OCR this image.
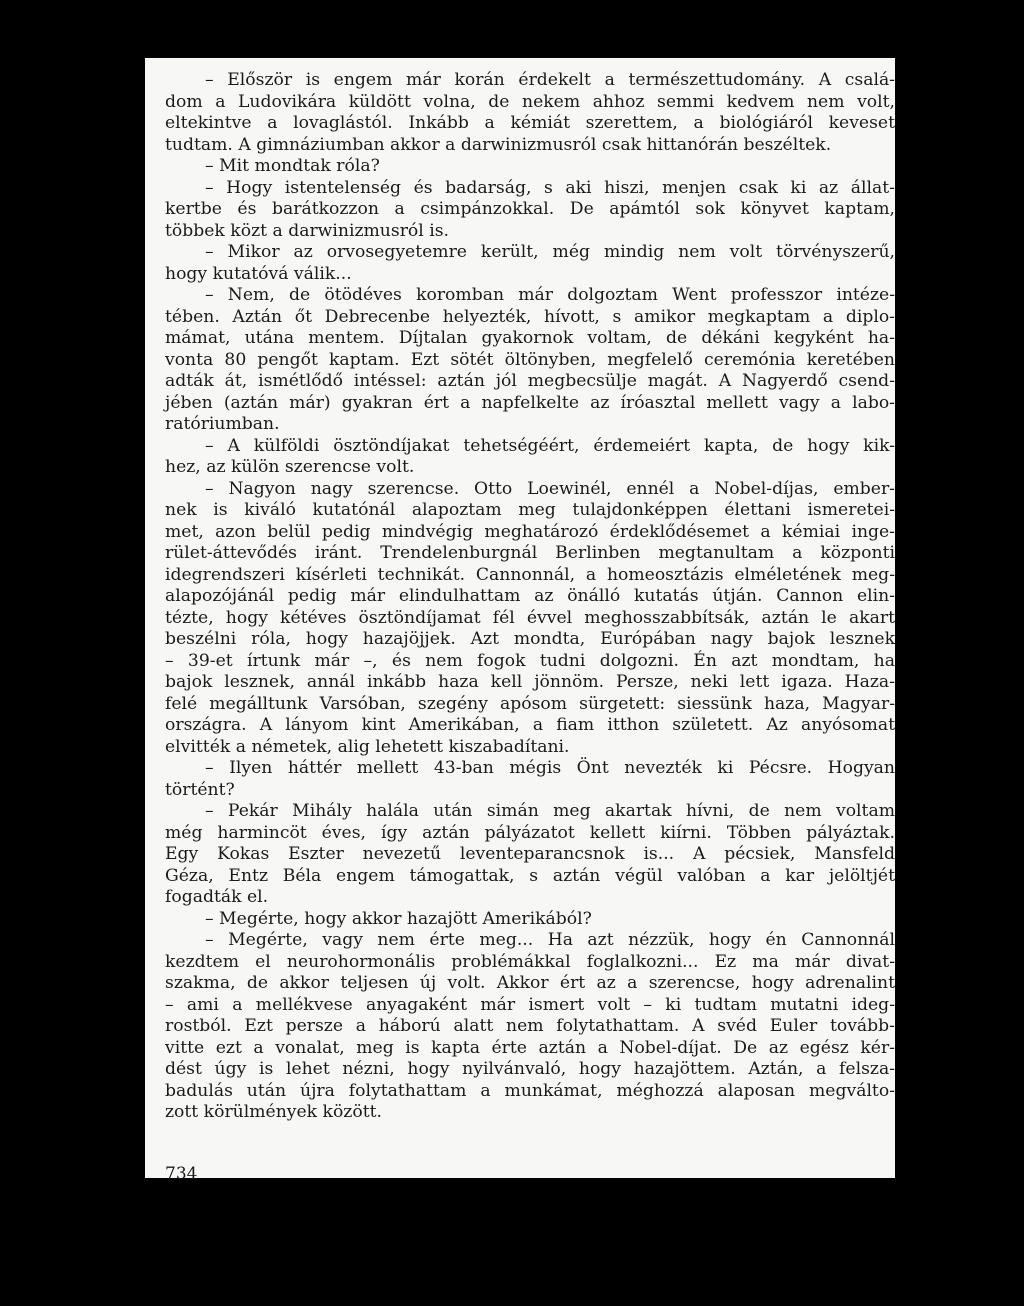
– Először is engem már korán érdekelt a természettudomány. A csalá-
dom a Ludovikára küldött volna, de nekem ahhoz semmi kedvem nem volt,
eltekintve a lovaglástól. Inkább a kémiát szerettem, a biológiáról keveset
tudtam. A gimnáziumban akkor a darwinizmusról csak hittanórán beszéltek.
– Mit mondtak róla?
– Hogy istentelenség és badarság, s aki hiszi, menjen csak ki az állat-
kertbe és barátkozzon a csimpánzokkal. De apámtól sok könyvet kaptam,
többek közt a darwinizmusról is.
– Mikor az orvosegyetemre került, még mindig nem volt törvényszerű,
hogy kutatóvá válik...
– Nem, de ötödéves koromban már dolgoztam Went professzor intéze-
tében. Aztán őt Debrecenbe helyezték, hívott, s amikor megkaptam a diplo-
mámat, utána mentem. Díjtalan gyakornok voltam, de dékáni kegyként ha-
vonta 80 pengőt kaptam. Ezt sötét öltönyben, megfelelő ceremónia keretében
adták át, ismétlődő intéssel: aztán jól megbecsülje magát. A Nagyerdő csend-
jében (aztán már) gyakran ért a napfelkelte az íróasztal mellett vagy a labo-
ratóriumban.
– A külföldi ösztöndíjakat tehetségéért, érdemeiért kapta, de hogy kik-
hez, az külön szerencse volt.
– Nagyon nagy szerencse. Otto Loewinél, ennél a Nobel-díjas, ember-
nek is kiváló kutatónál alapoztam meg tulajdonképpen élettani ismeretei-
met, azon belül pedig mindvégig meghatározó érdeklődésemet a kémiai inge-
rület-áttevődés iránt. Trendelenburgnál Berlinben megtanultam a központi
idegrendszeri kísérleti technikát. Cannonnál, a homeosztázis elméletének meg-
alapozójánál pedig már elindulhattam az önálló kutatás útján. Cannon elin-
tézte, hogy kétéves ösztöndíjamat fél évvel meghosszabbítsák, aztán le akart
beszélni róla, hogy hazajöjjek. Azt mondta, Európában nagy bajok lesznek
– 39-et írtunk már –, és nem fogok tudni dolgozni. Én azt mondtam, ha
bajok lesznek, annál inkább haza kell jönnöm. Persze, neki lett igaza. Haza-
felé megálltunk Varsóban, szegény apósom sürgetett: siessünk haza, Magyar-
országra. A lányom kint Amerikában, a fiam itthon született. Az anyósomat
elvitték a németek, alig lehetett kiszabadítani.
– Ilyen háttér mellett 43-ban mégis Önt nevezték ki Pécsre. Hogyan
történt?
– Pekár Mihály halála után simán meg akartak hívni, de nem voltam
még harmincöt éves, így aztán pályázatot kellett kiírni. Többen pályáztak.
Egy Kokas Eszter nevezetű leventeparancsnok is... A pécsiek, Mansfeld
Géza, Entz Béla engem támogattak, s aztán végül valóban a kar jelöltjét
fogadták el.
– Megérte, hogy akkor hazajött Amerikából?
– Megérte, vagy nem érte meg... Ha azt nézzük, hogy én Cannonnál
kezdtem el neurohormonális problémákkal foglalkozni... Ez ma már divat-
szakma, de akkor teljesen új volt. Akkor ért az a szerencse, hogy adrenalint
– ami a mellékvese anyagaként már ismert volt – ki tudtam mutatni ideg-
rostból. Ezt persze a háború alatt nem folytathattam. A svéd Euler tovább-
vitte ezt a vonalat, meg is kapta érte aztán a Nobel-díjat. De az egész kér-
dést úgy is lehet nézni, hogy nyilvánvaló, hogy hazajöttem. Aztán, a felsza-
badulás után újra folytathattam a munkámat, méghozzá alaposan megválto-
zott körülmények között.
734
